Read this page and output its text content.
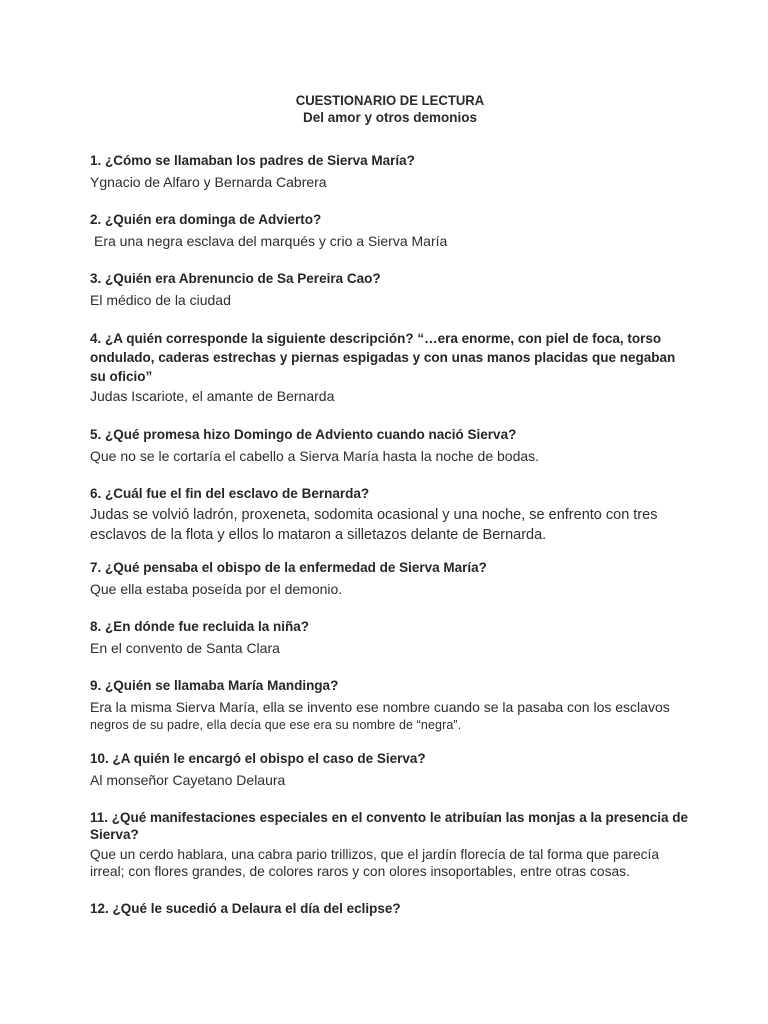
CUESTIONARIO DE LECTURA
Del amor y otros demonios
1. ¿Cómo se llamaban los padres de Sierva María?
Ygnacio de Alfaro y Bernarda Cabrera
2. ¿Quién era dominga de Advierto?
Era una negra esclava del marqués y crio a Sierva María
3. ¿Quién era Abrenuncio de Sa Pereira Cao?
El médico de la ciudad
4. ¿A quién corresponde la siguiente descripción? “…era enorme, con piel de foca, torso ondulado, caderas estrechas y piernas espigadas y con unas manos placidas que negaban su oficio”
Judas Iscariote, el amante de Bernarda
5. ¿Qué promesa hizo Domingo de Adviento cuando nació Sierva?
Que no se le cortaría el cabello a Sierva María hasta la noche de bodas.
6. ¿Cuál fue el fin del esclavo de Bernarda?
Judas se volvió ladrón, proxeneta, sodomita ocasional y una noche, se enfrento con tres esclavos de la flota y ellos lo mataron a silletazos delante de Bernarda.
7. ¿Qué pensaba el obispo de la enfermedad de Sierva María?
Que ella estaba poseída por el demonio.
8. ¿En dónde fue recluida la niña?
En el convento de Santa Clara
9. ¿Quién se llamaba María Mandinga?
Era la misma Sierva María, ella se invento ese nombre cuando se la pasaba con los esclavos
negros de su padre, ella decía que ese era su nombre de “negra”.
10. ¿A quién le encargó el obispo el caso de Sierva?
Al monseñor Cayetano Delaura
11. ¿Qué manifestaciones especiales en el convento le atribuían las monjas a la presencia de Sierva?
Que un cerdo hablara, una cabra pario trillizos, que el jardín florecía de tal forma que parecía irreal; con flores grandes, de colores raros y con olores insoportables, entre otras cosas.
12. ¿Qué le sucedió a Delaura el día del eclipse?
